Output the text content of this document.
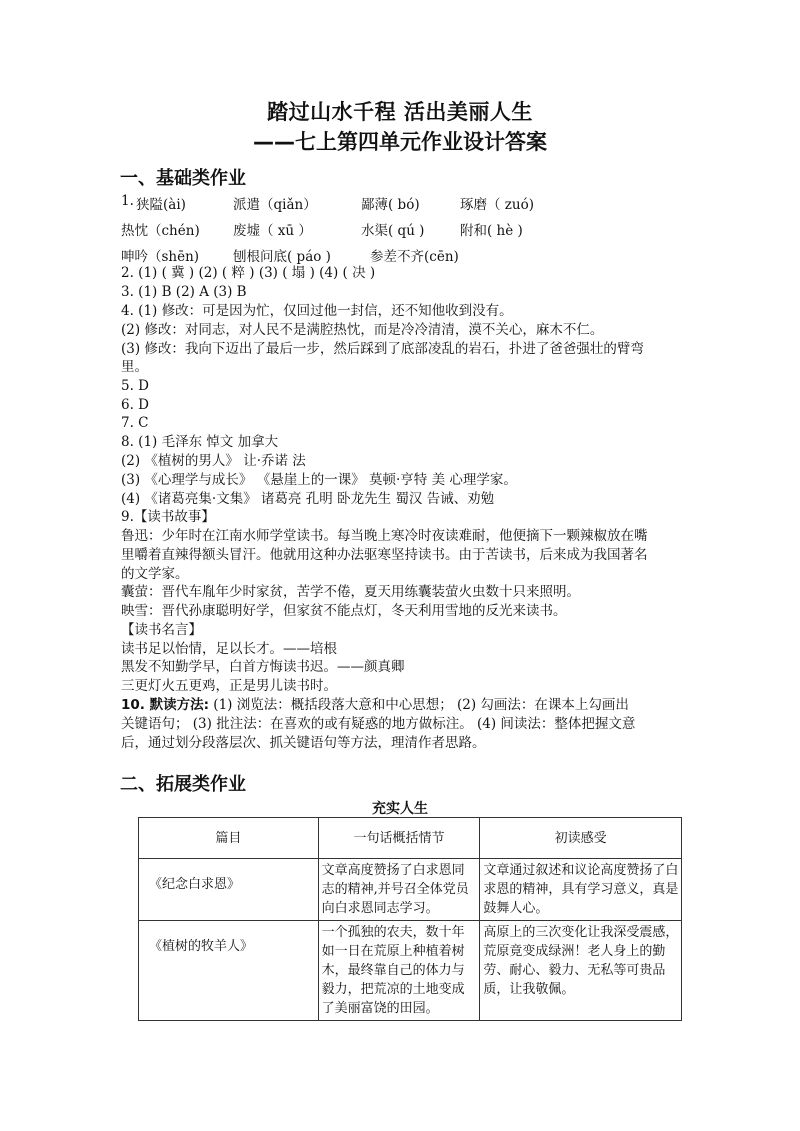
踏过山水千程 活出美丽人生
——七上第四单元作业设计答案
一、基础类作业
1. 狭隘(ài)	派遣（qiǎn）	鄙薄( bó)	琢磨（ zuó)
热忱（chén) 废墟（ xū ）	水渠( qú )	附和( hè )
呻吟（shēn)	刨根问底( páo )	参差不齐(cēn)
2. (1) ( 冀 ) (2) ( 粹 ) (3) ( 塌 ) (4) ( 决 )
3. (1) B (2) A (3) B
4. (1) 修改：可是因为忙，仅回过他一封信，还不知他收到没有。
(2) 修改：对同志，对人民不是满腔热忱，而是冷冷清清，漠不关心，麻木不仁。
(3) 修改：我向下迈出了最后一步，然后踩到了底部凌乱的岩石，扑进了爸爸强壮的臂弯
里。
5. D
6. D
7. C
8. (1) 毛泽东 悼文 加拿大
(2) 《植树的男人》 让·乔诺 法
(3) 《心理学与成长》 《悬崖上的一课》 莫顿·亨特 美 心理学家。
(4) 《诸葛亮集·文集》 诸葛亮 孔明 卧龙先生 蜀汉 告诫、劝勉
9.【读书故事】
鲁迅：少年时在江南水师学堂读书。每当晚上寒冷时夜读难耐，他便摘下一颗辣椒放在嘴
里嚼着直辣得额头冒汗。他就用这种办法驱寒坚持读书。由于苦读书，后来成为我国著名
的文学家。
囊萤：晋代车胤年少时家贫，苦学不倦，夏天用练囊装萤火虫数十只来照明。
映雪：晋代孙康聪明好学，但家贫不能点灯，冬天利用雪地的反光来读书。
【读书名言】
读书足以怡情，足以长才。——培根
黑发不知勤学早，白首方悔读书迟。——颜真卿
三更灯火五更鸡，正是男儿读书时。
10. 默读方法: (1) 浏览法：概括段落大意和中心思想； (2) 勾画法：在课本上勾画出
关键语句； (3) 批注法：在喜欢的或有疑惑的地方做标注。 (4) 间读法：整体把握文意
后，通过划分段落层次、抓关键语句等方法，理清作者思路。
二、拓展类作业
充实人生
篇目	一句话概括情节	初读感受
《纪念白求恩》	文章高度赞扬了白求恩同志的精神,并号召全体党员向白求恩同志学习。	文章通过叙述和议论高度赞扬了白求恩的精神，具有学习意义，真是鼓舞人心。
《植树的牧羊人》	一个孤独的农夫，数十年如一日在荒原上种植着树木，最终靠自己的体力与毅力，把荒凉的土地变成了美丽富饶的田园。	高原上的三次变化让我深受震感，荒原竟变成绿洲！老人身上的勤劳、耐心、毅力、无私等可贵品质，让我敬佩。
